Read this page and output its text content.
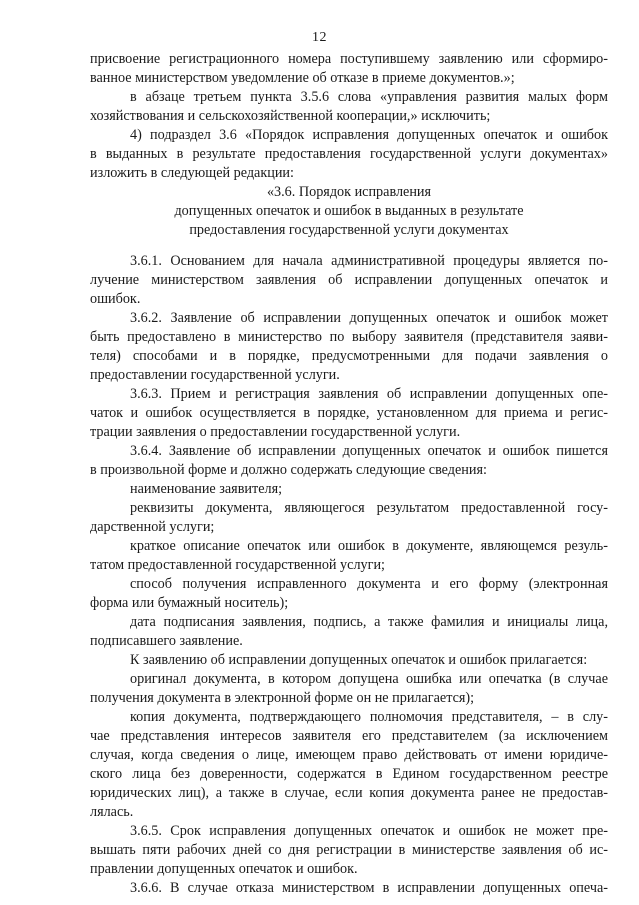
12
присвоение регистрационного номера поступившему заявлению или сформиро-
ванное министерством уведомление об отказе в приеме документов.»;
в абзаце третьем пункта 3.5.6 слова «управления развития малых форм
хозяйствования и сельскохозяйственной кооперации,» исключить;
4) подраздел 3.6 «Порядок исправления допущенных опечаток и ошибок
в выданных в результате предоставления государственной услуги документах»
изложить в следующей редакции:
«3.6. Порядок исправления
допущенных опечаток и ошибок в выданных в результате
предоставления государственной услуги документах
3.6.1. Основанием для начала административной процедуры является по-
лучение министерством заявления об исправлении допущенных опечаток и
ошибок.
3.6.2. Заявление об исправлении допущенных опечаток и ошибок может
быть предоставлено в министерство по выбору заявителя (представителя заяви-
теля) способами и в порядке, предусмотренными для подачи заявления о
предоставлении государственной услуги.
3.6.3. Прием и регистрация заявления об исправлении допущенных опе-
чаток и ошибок осуществляется в порядке, установленном для приема и регис-
трации заявления о предоставлении государственной услуги.
3.6.4. Заявление об исправлении допущенных опечаток и ошибок пишется
в произвольной форме и должно содержать следующие сведения:
наименование заявителя;
реквизиты документа, являющегося результатом предоставленной госу-
дарственной услуги;
краткое описание опечаток или ошибок в документе, являющемся резуль-
татом предоставленной государственной услуги;
способ получения исправленного документа и его форму (электронная
форма или бумажный носитель);
дата подписания заявления, подпись, а также фамилия и инициалы лица,
подписавшего заявление.
К заявлению об исправлении допущенных опечаток и ошибок прилагается:
оригинал документа, в котором допущена ошибка или опечатка (в случае
получения документа в электронной форме он не прилагается);
копия документа, подтверждающего полномочия представителя, – в слу-
чае представления интересов заявителя его представителем (за исключением
случая, когда сведения о лице, имеющем право действовать от имени юридиче-
ского лица без доверенности, содержатся в Едином государственном реестре
юридических лиц), а также в случае, если копия документа ранее не предостав-
лялась.
3.6.5. Срок исправления допущенных опечаток и ошибок не может пре-
вышать пяти рабочих дней со дня регистрации в министерстве заявления об ис-
правлении допущенных опечаток и ошибок.
3.6.6. В случае отказа министерством в исправлении допущенных опеча-
